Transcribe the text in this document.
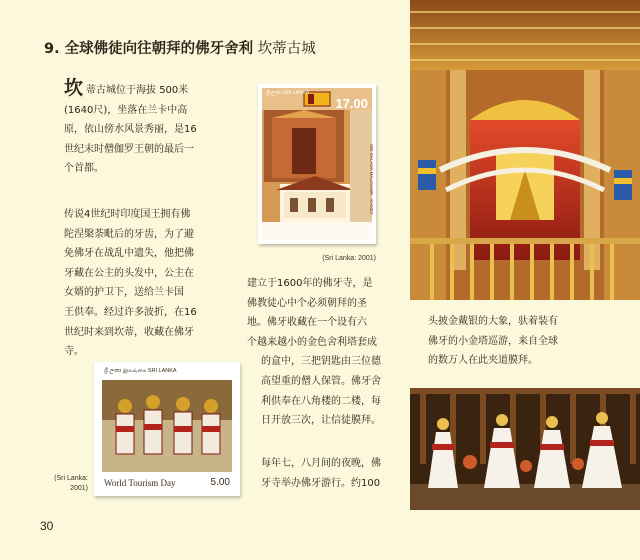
9. 全球佛徒向往朝拜的佛牙舍利 坎蒂古城
坎蒂古城位于海拔 500米
(1640尺)，坐落在兰卡中高
原，依山傍水风景秀丽，是16
世纪末时僧伽罗王朝的最后一
个首都。
传说4世纪时印度国王拥有佛
陀涅槃荼毗后的牙齿，为了避
免佛牙在战乱中遗失，他把佛
牙藏在公主的头发中，公主在
女婿的护卫下，送给兰卡国
王供奉。经过许多波折，在16
世纪时来到坎蒂，收藏在佛牙
寺。
ශ්‍රී ලංකා SRI LANKA
17.00
SRI DALADA MALIGAWA · KANDY
(Sri Lanka: 2001)
ශ්‍රී ලංකා இலங்கை SRI LANKA
World Tourism Day	5.00
(Sri Lanka:
2001)
建立于1600年的佛牙寺，是
佛教徒心中个必须朝拜的圣
地。佛牙收藏在一个设有六
个越来越小的金色舍利塔套成
的盒中，三把钥匙由三位德
高望重的僧人保管。佛牙舍
利供奉在八角楼的二楼，每
日开放三次，让信徒膜拜。
每年七，八月间的夜晚，佛
牙寺举办佛牙游行。约100
头披金戴银的大象，驮着装有
佛牙的小金塔巡游，来自全球
的数万人在此夹道膜拜。
30
